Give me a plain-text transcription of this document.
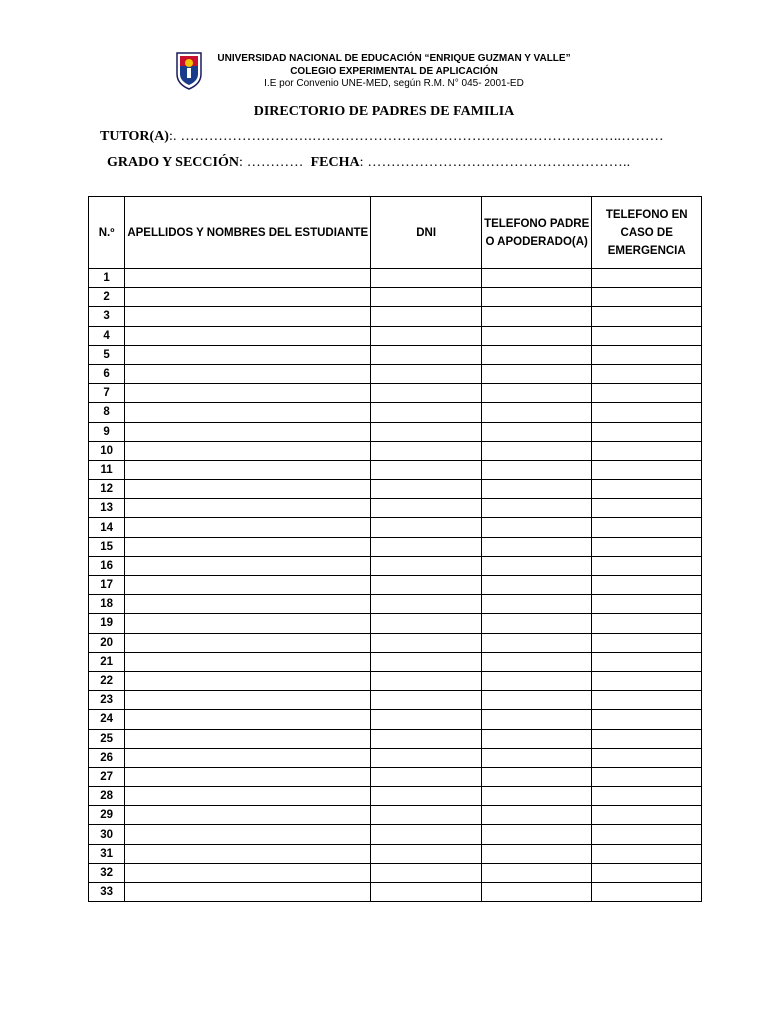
UNIVERSIDAD NACIONAL DE EDUCACIÓN “ENRIQUE GUZMAN Y VALLE”
COLEGIO EXPERIMENTAL DE APLICACIÓN
I.E por Convenio UNE-MED, según R.M. N° 045- 2001-ED
DIRECTORIO DE PADRES DE FAMILIA
TUTOR(A):. ……………………….…………………….…………………………………..………
GRADO Y SECCIÓN: ………… FECHA: ………………………………………………..
N.º	APELLIDOS Y NOMBRES DEL ESTUDIANTE	DNI	TELEFONO PADRE O APODERADO(A)	TELEFONO EN CASO DE EMERGENCIA
1				
2				
3				
4				
5				
6				
7				
8				
9				
10				
11				
12				
13				
14				
15				
16				
17				
18				
19				
20				
21				
22				
23				
24				
25				
26				
27				
28				
29				
30				
31				
32				
33				
